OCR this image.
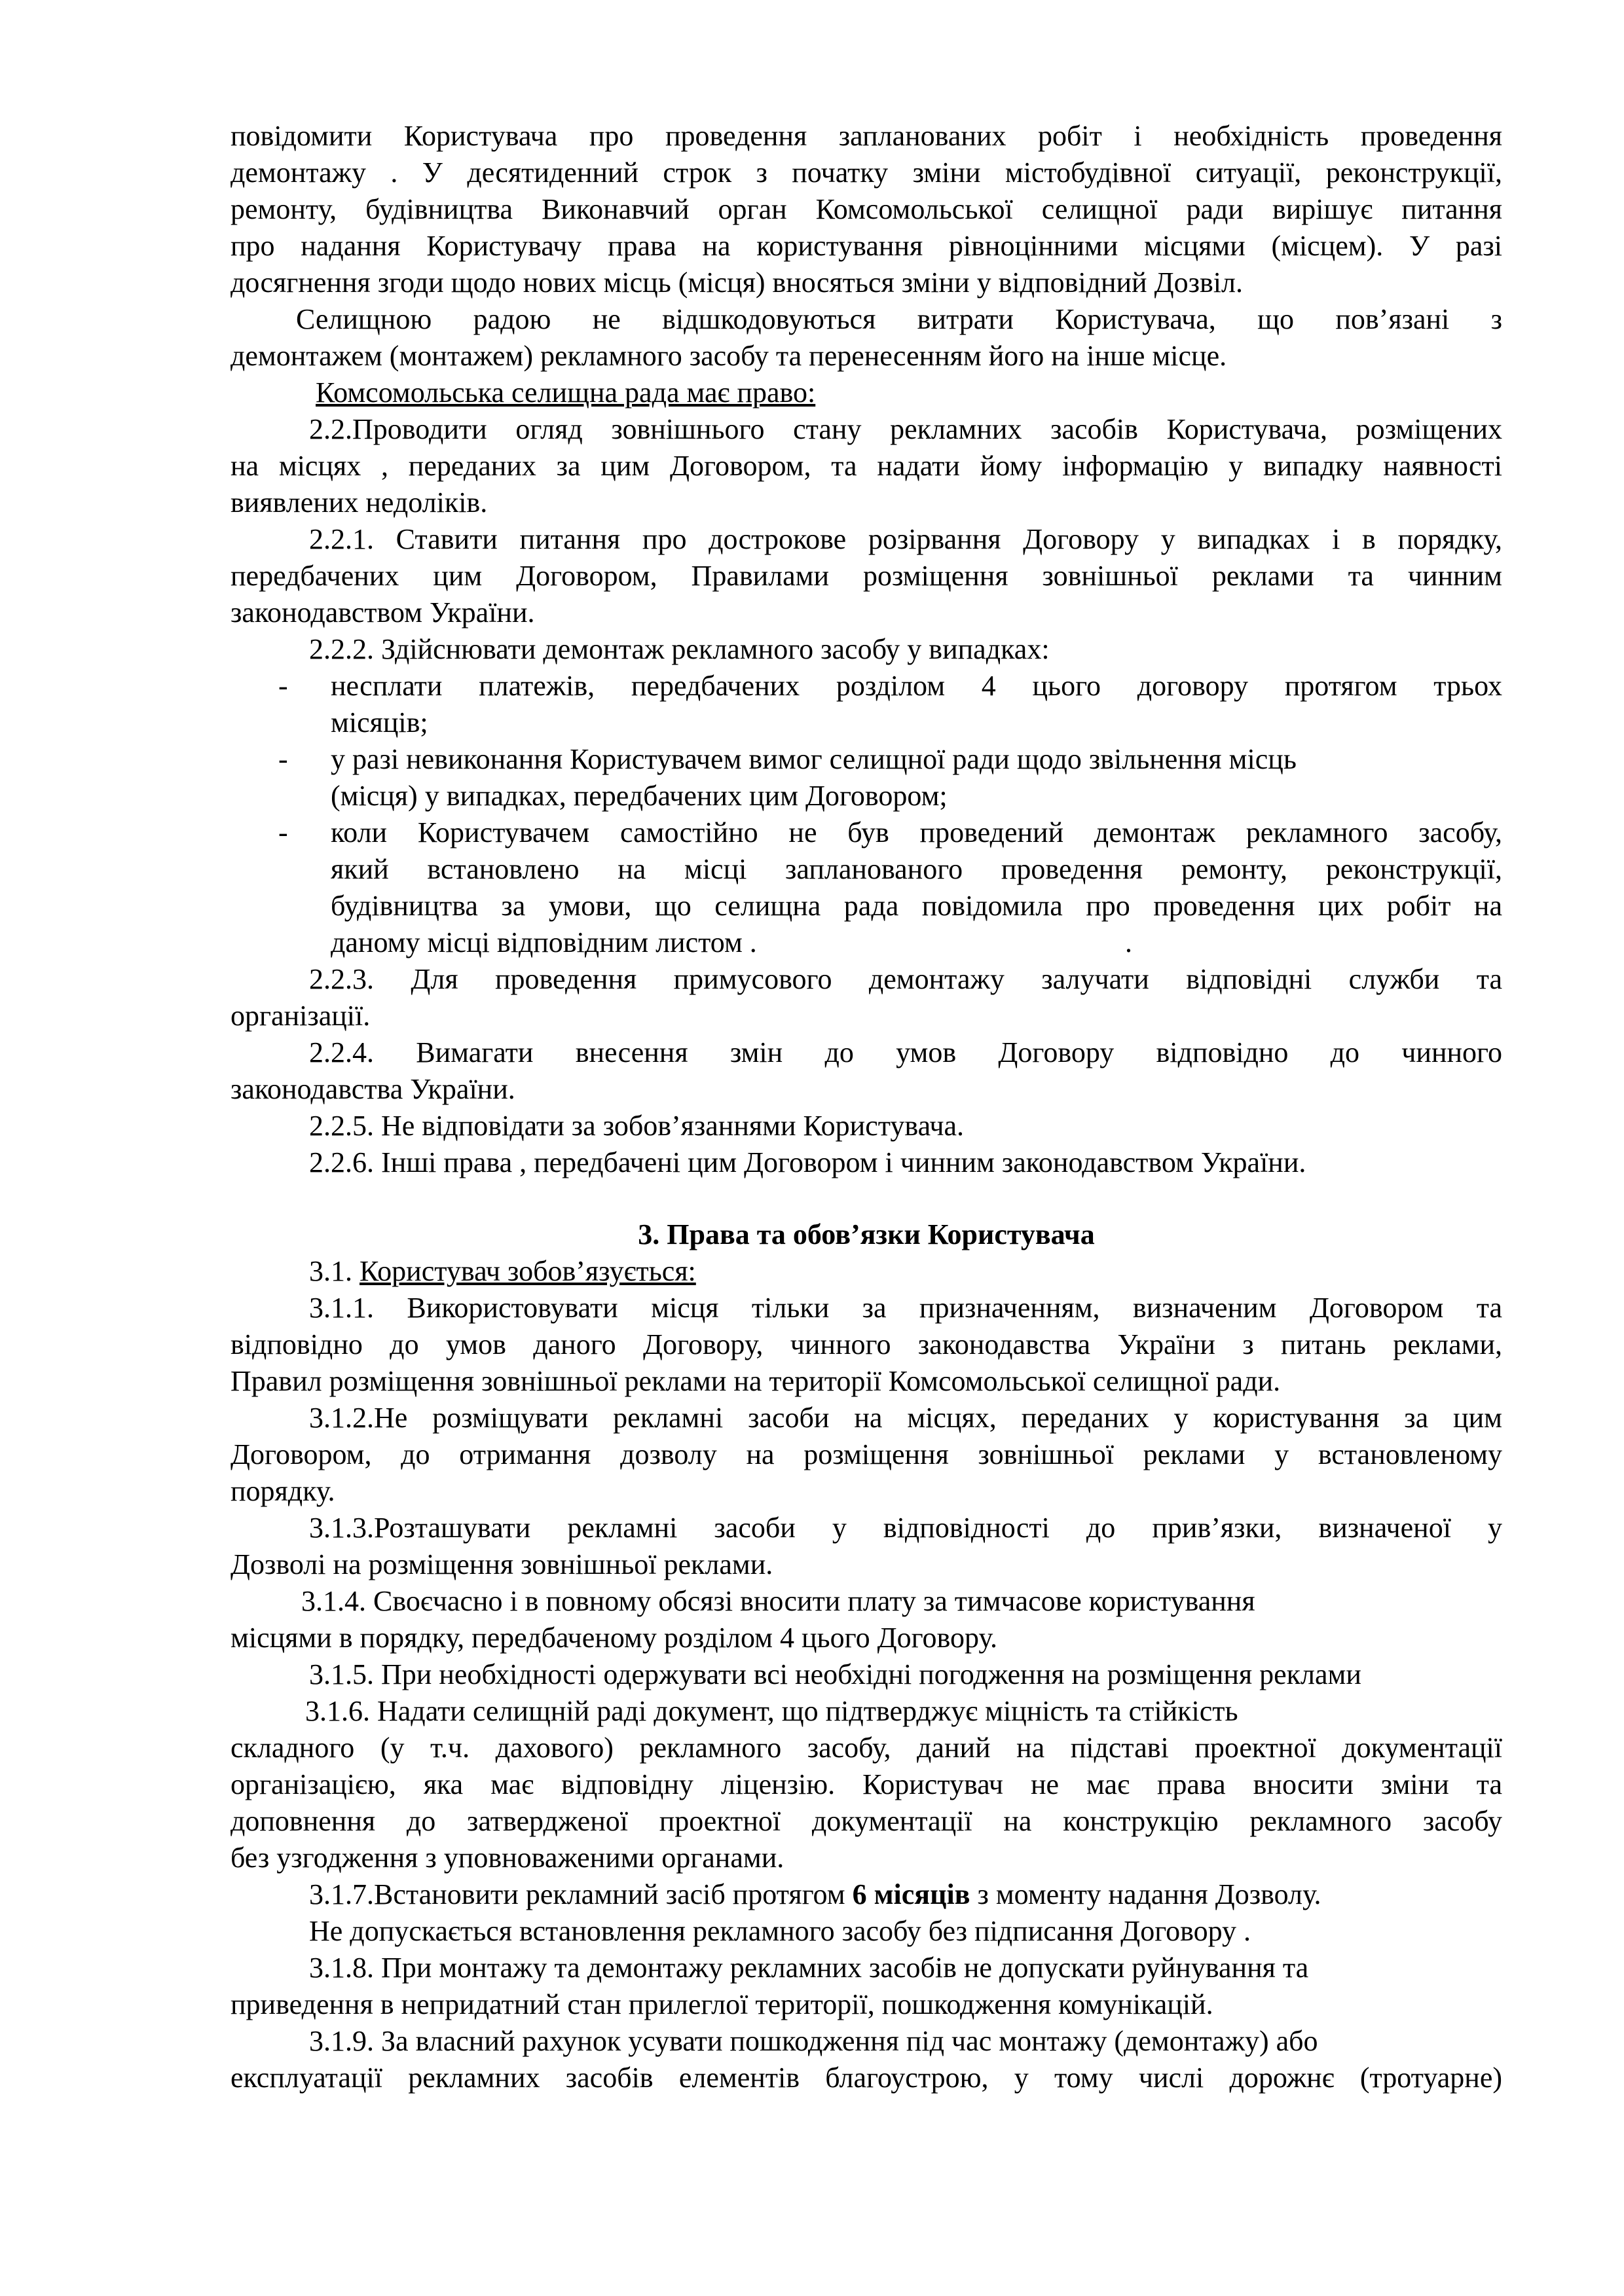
повідомити Користувача про проведення запланованих робіт і необхідність проведення
демонтажу . У десятиденний строк з початку зміни містобудівної ситуації, реконструкції,
ремонту, будівництва Виконавчий орган Комсомольської селищної ради вирішує питання
про надання Користувачу права на користування рівноцінними місцями (місцем). У разі
досягнення згоди щодо нових місць (місця) вносяться зміни у відповідний Дозвіл.
Селищною радою не відшкодовуються витрати Користувача, що пов’язані з
демонтажем (монтажем) рекламного засобу та перенесенням його на інше місце.
Комсомольська селищна рада має право:
2.2.Проводити огляд зовнішнього стану рекламних засобів Користувача, розміщених
на місцях , переданих за цим Договором, та надати йому інформацію у випадку наявності
виявлених недоліків.
2.2.1. Ставити питання про дострокове розірвання Договору у випадках і в порядку,
передбачених цим Договором, Правилами розміщення зовнішньої реклами та чинним
законодавством України.
2.2.2. Здійснювати демонтаж рекламного засобу у випадках:
- несплати платежів, передбачених розділом 4 цього договору протягом трьох
місяців;
- у разі невиконання Користувачем вимог селищної ради щодо звільнення місць
(місця) у випадках, передбачених цим Договором;
- коли Користувачем самостійно не був проведений демонтаж рекламного засобу,
який встановлено на місці запланованого проведення ремонту, реконструкції,
будівництва за умови, що селищна рада повідомила про проведення цих робіт на
даному місці відповідним листом .	.
2.2.3. Для проведення примусового демонтажу залучати відповідні служби та
організації.
2.2.4. Вимагати внесення змін до умов Договору відповідно до чинного
законодавства України.
2.2.5. Не відповідати за зобов’язаннями Користувача.
2.2.6. Інші права , передбачені цим Договором і чинним законодавством України.
3. Права та обов’язки Користувача
3.1. Користувач зобов’язується:
3.1.1. Використовувати місця тільки за призначенням, визначеним Договором та
відповідно до умов даного Договору, чинного законодавства України з питань реклами,
Правил розміщення зовнішньої реклами на території Комсомольської селищної ради.
3.1.2.Не розміщувати рекламні засоби на місцях, переданих у користування за цим
Договором, до отримання дозволу на розміщення зовнішньої реклами у встановленому
порядку.
3.1.3.Розташувати рекламні засоби у відповідності до прив’язки, визначеної у
Дозволі на розміщення зовнішньої реклами.
3.1.4. Своєчасно і в повному обсязі вносити плату за тимчасове користування
місцями в порядку, передбаченому розділом 4 цього Договору.
3.1.5. При необхідності одержувати всі необхідні погодження на розміщення реклами
3.1.6. Надати селищній раді документ, що підтверджує міцність та стійкість
складного (у т.ч. дахового) рекламного засобу, даний на підставі проектної документації
організацією, яка має відповідну ліцензію. Користувач не має права вносити зміни та
доповнення до затвердженої проектної документації на конструкцію рекламного засобу
без узгодження з уповноваженими органами.
3.1.7.Встановити рекламний засіб протягом 6 місяців з моменту надання Дозволу.
Не допускається встановлення рекламного засобу без підписання Договору .
3.1.8. При монтажу та демонтажу рекламних засобів не допускати руйнування та
приведення в непридатний стан прилеглої території, пошкодження комунікацій.
3.1.9. За власний рахунок усувати пошкодження під час монтажу (демонтажу) або
експлуатації рекламних засобів елементів благоустрою, у тому числі дорожнє (тротуарне)
